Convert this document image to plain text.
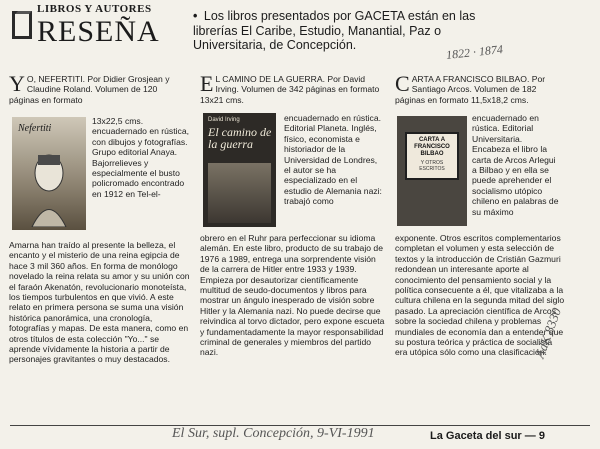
LIBROS Y AUTORES
RESEÑA	• Los libros presentados por GACETA están en las librerías El Caribe, Estudio, Manantial, Paz o Universitaria, de Concepción.	1822 · 1874
Y O, NEFERTITI. Por Didier Grosjean y Claudine Roland. Volumen de 120 páginas en formato
Nefertiti
13x22,5 cms. encuadernado en rústica, con dibujos y fotografías. Grupo editorial Anaya. Bajorrelieves y especialmente el busto policromado encontrado en 1912 en Tel-el-
Amarna han traído al presente la belleza, el encanto y el misterio de una reina egipcia de hace 3 mil 360 años. En forma de monólogo novelado la reina relata su amor y su unión con el faraón Akenatón, revolucionario monoteísta, los tiempos turbulentos en que vivió. A este relato en primera persona se suma una visión histórica panorámica, una cronología, fotografías y mapas. De esta manera, como en otros títulos de esta colección "Yo..." se aprende vívidamente la historia a partir de personajes gravitantes o muy destacados.
E L CAMINO DE LA GUERRA. Por David Irving. Volumen de 342 páginas en formato 13x21 cms.
David Irving
El camino de la guerra
encuadernado en rústica. Editorial Planeta. Inglés, físico, economista e historiador de la Universidad de Londres, el autor se ha especializado en el estudio de Alemania nazi: trabajó como
obrero en el Ruhr para perfeccionar su idioma alemán. En este libro, producto de su trabajo de 1976 a 1989, entrega una sorprendente visión de la carrera de Hitler entre 1933 y 1939. Empieza por desautorizar científicamente multitud de seudo-documentos y libros para mostrar un ángulo inesperado de visión sobre Hitler y la Alemania nazi. No puede decirse que reivindica al torvo dictador, pero expone escueta y fundamentadamente la mayor responsabilidad criminal de generales y miembros del partido nazi.
C ARTA A FRANCISCO BILBAO. Por Santiago Arcos. Volumen de 182 páginas en formato 11,5x18,2 cms.
CARTA A FRANCISCO BILBAO
Y OTROS ESCRITOS
encuadernado en rústica. Editorial Universitaria. Encabeza el libro la carta de Arcos Arlegui a Bilbao y en ella se puede aprehender el socialismo utópico chileno en palabras de su máximo
exponente. Otros escritos complementarios completan el volumen y esta selección de textos y la introducción de Cristián Gazmuri redondean un interesante aporte al conocimiento del pensamiento social y la política consecuente a él, que vitalizaba a la cultura chilena en la segunda mitad del siglo pasado. La apreciación científica de Arcos sobre la sociedad chilena y problemas mundiales de economía dan a entender que su postura teórica y práctica de socialista era utópica sólo como una clasificación.
AdK 8330
El Sur, supl. Concepción, 9-VI-1991	La Gaceta del sur — 9
